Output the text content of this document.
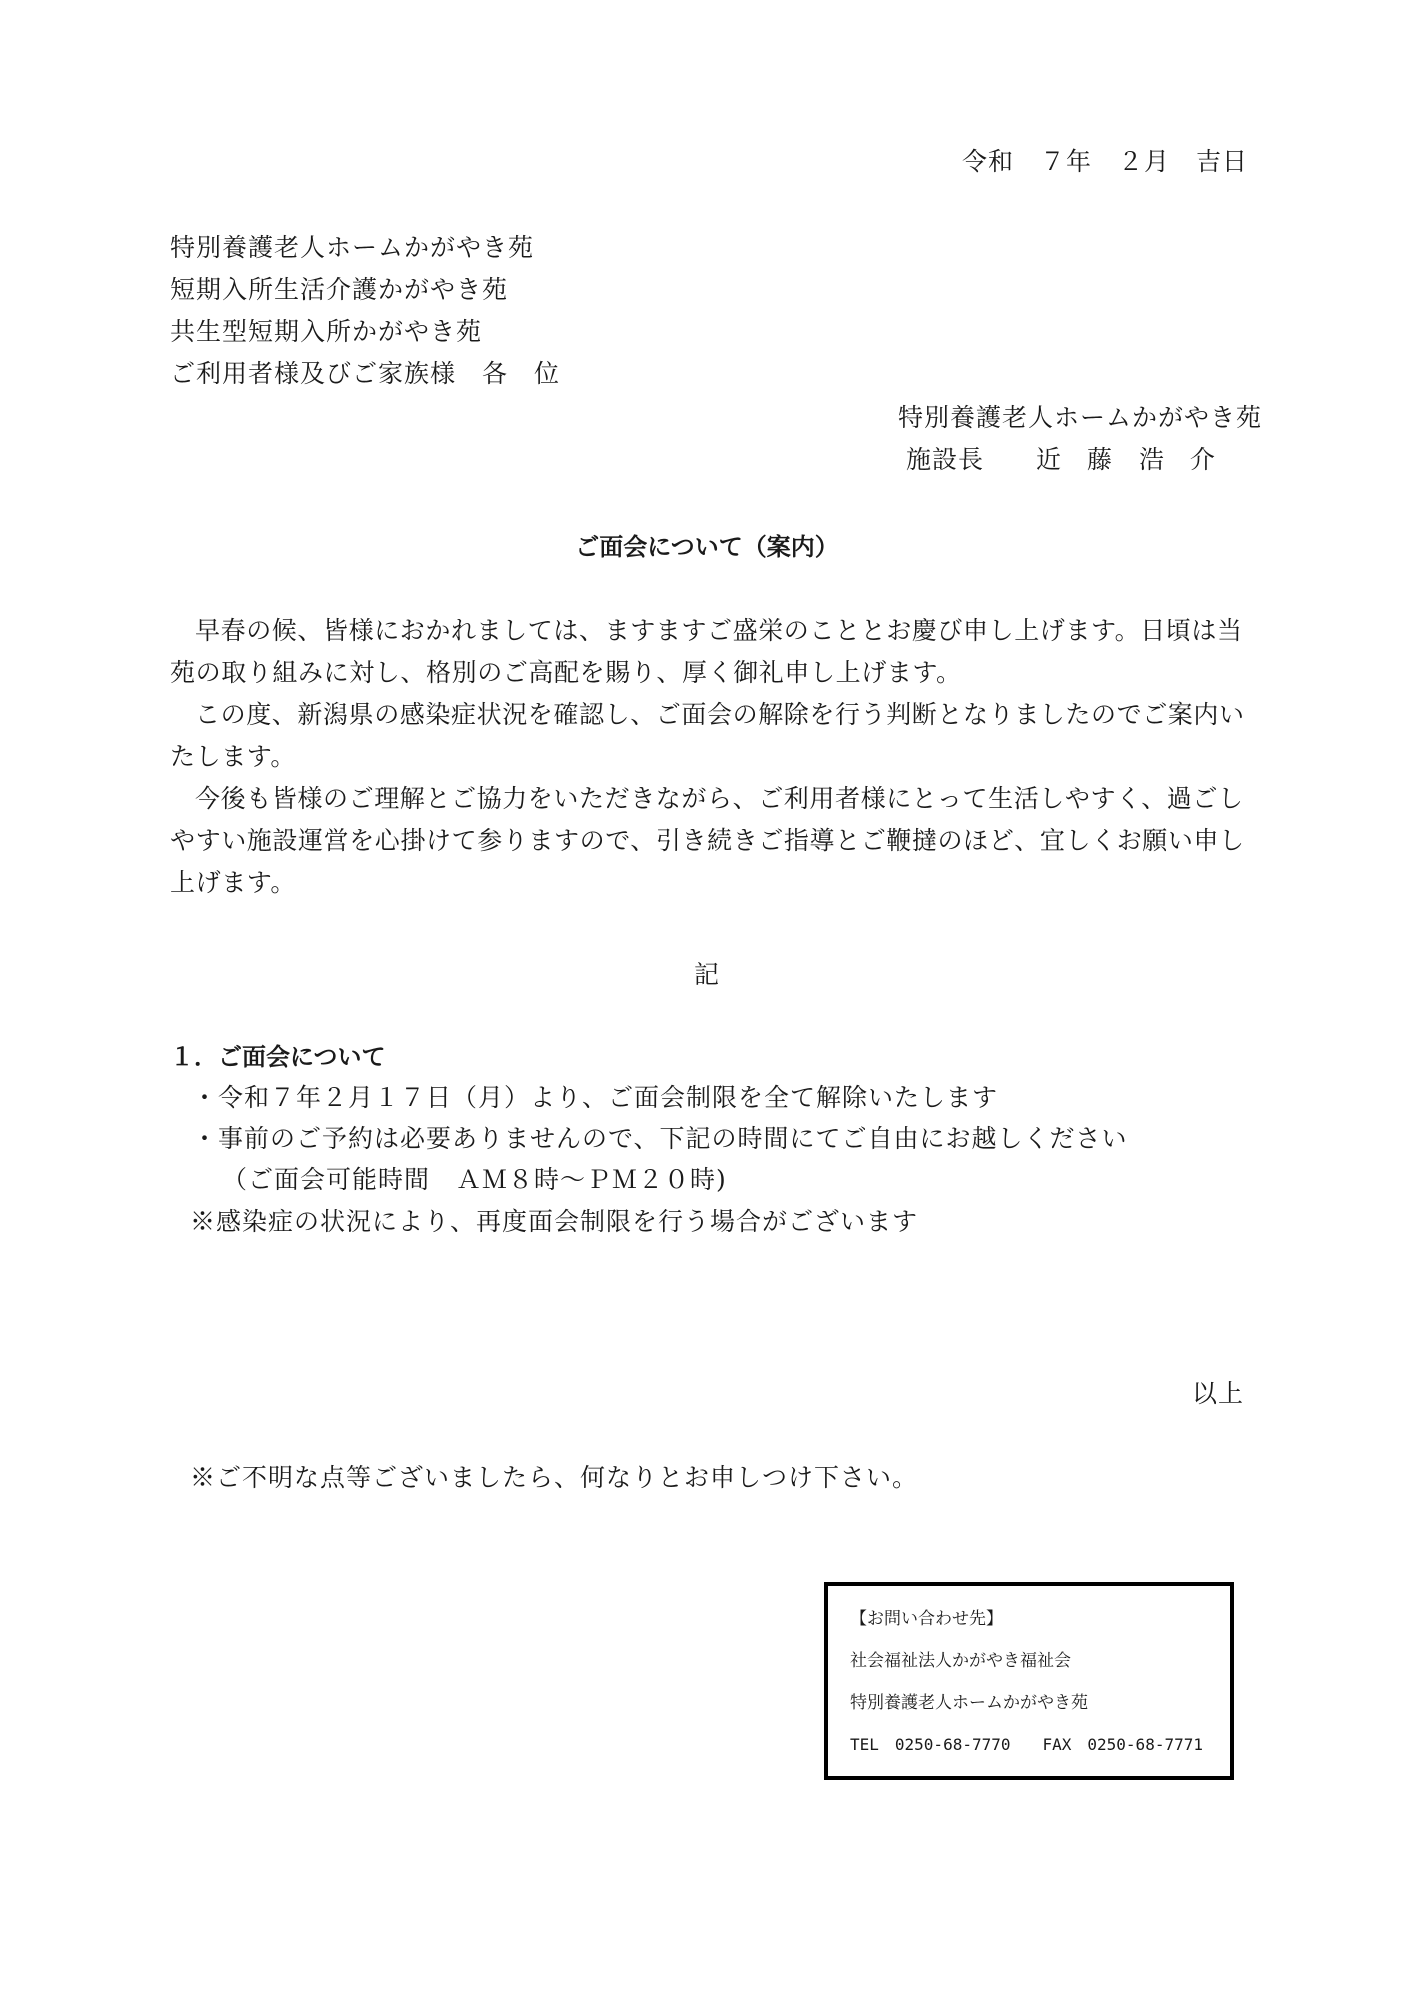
令和　７年　２月　吉日
特別養護老人ホームかがやき苑
短期入所生活介護かがやき苑
共生型短期入所かがやき苑
ご利用者様及びご家族様　各　位
特別養護老人ホームかがやき苑
施設長　　近 藤　浩 介
ご面会について（案内）

早春の候、皆様におかれましては、ますますご盛栄のこととお慶び申し上げます。日頃は当苑の取り組みに対し、格別のご高配を賜り、厚く御礼申し上げます。

この度、新潟県の感染症状況を確認し、ご面会の解除を行う判断となりましたのでご案内いたします。

今後も皆様のご理解とご協力をいただきながら、ご利用者様にとって生活しやすく、過ごしやすい施設運営を心掛けて参りますので、引き続きご指導とご鞭撻のほど、宜しくお願い申し上げます。

記
１．ご面会について
・令和７年２月１７日（月）より、ご面会制限を全て解除いたします
・事前のご予約は必要ありませんので、下記の時間にてご自由にお越しください
（ご面会可能時間　ＡＭ８時～ＰＭ２０時)
※感染症の状況により、再度面会制限を行う場合がございます
以上
※ご不明な点等ございましたら、何なりとお申しつけ下さい。
【お問い合わせ先】
社会福祉法人かがやき福祉会
特別養護老人ホームかがやき苑
TEL　0250-68-7770　　FAX　0250-68-7771
